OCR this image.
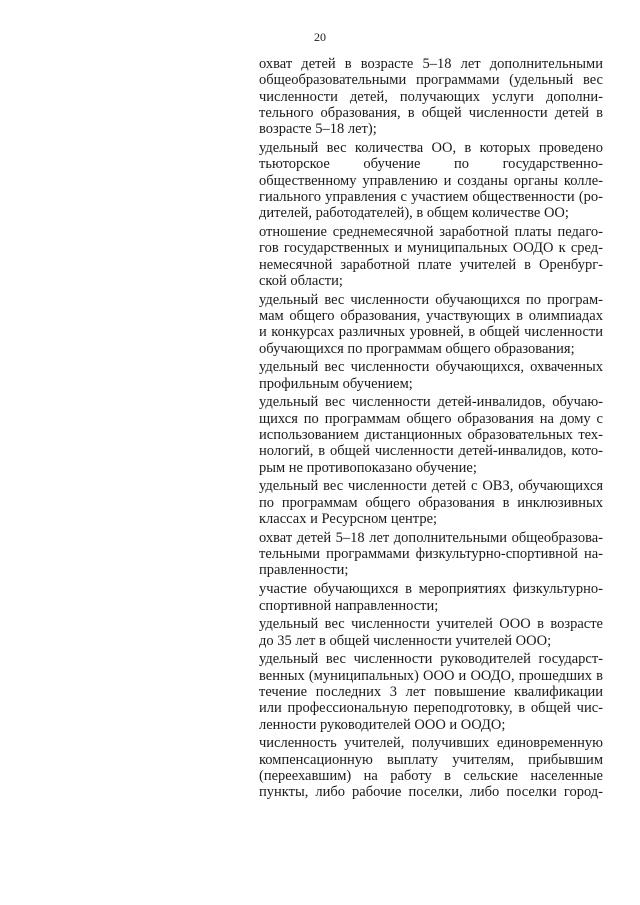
20
охват детей в возрасте 5–18 лет дополнительными
общеобразовательными программами (удельный вес
численности детей, получающих услуги дополни-
тельного образования, в общей численности детей в
возрасте 5–18 лет);
удельный вес количества ОО, в которых проведено
тьюторское обучение по государственно-
общественному управлению и созданы органы колле-
гиального управления с участием общественности (ро-
дителей, работодателей), в общем количестве ОО;
отношение среднемесячной заработной платы педаго-
гов государственных и муниципальных ООДО к сред-
немесячной заработной плате учителей в Оренбург-
ской области;
удельный вес численности обучающихся по програм-
мам общего образования, участвующих в олимпиадах
и конкурсах различных уровней, в общей численности
обучающихся по программам общего образования;
удельный вес численности обучающихся, охваченных
профильным обучением;
удельный вес численности детей-инвалидов, обучаю-
щихся по программам общего образования на дому с
использованием дистанционных образовательных тех-
нологий, в общей численности детей-инвалидов, кото-
рым не противопоказано обучение;
удельный вес численности детей с ОВЗ, обучающихся
по программам общего образования в инклюзивных
классах и Ресурсном центре;
охват детей 5–18 лет дополнительными общеобразова-
тельными программами физкультурно-спортивной на-
правленности;
участие обучающихся в мероприятиях физкультурно-
спортивной направленности;
удельный вес численности учителей ООО в возрасте
до 35 лет в общей численности учителей ООО;
удельный вес численности руководителей государст-
венных (муниципальных) ООО и ООДО, прошедших в
течение последних 3 лет повышение квалификации
или профессиональную переподготовку, в общей чис-
ленности руководителей ООО и ООДО;
численность учителей, получивших единовременную
компенсационную выплату учителям, прибывшим
(переехавшим) на работу в сельские населенные
пункты, либо рабочие поселки, либо поселки город-
